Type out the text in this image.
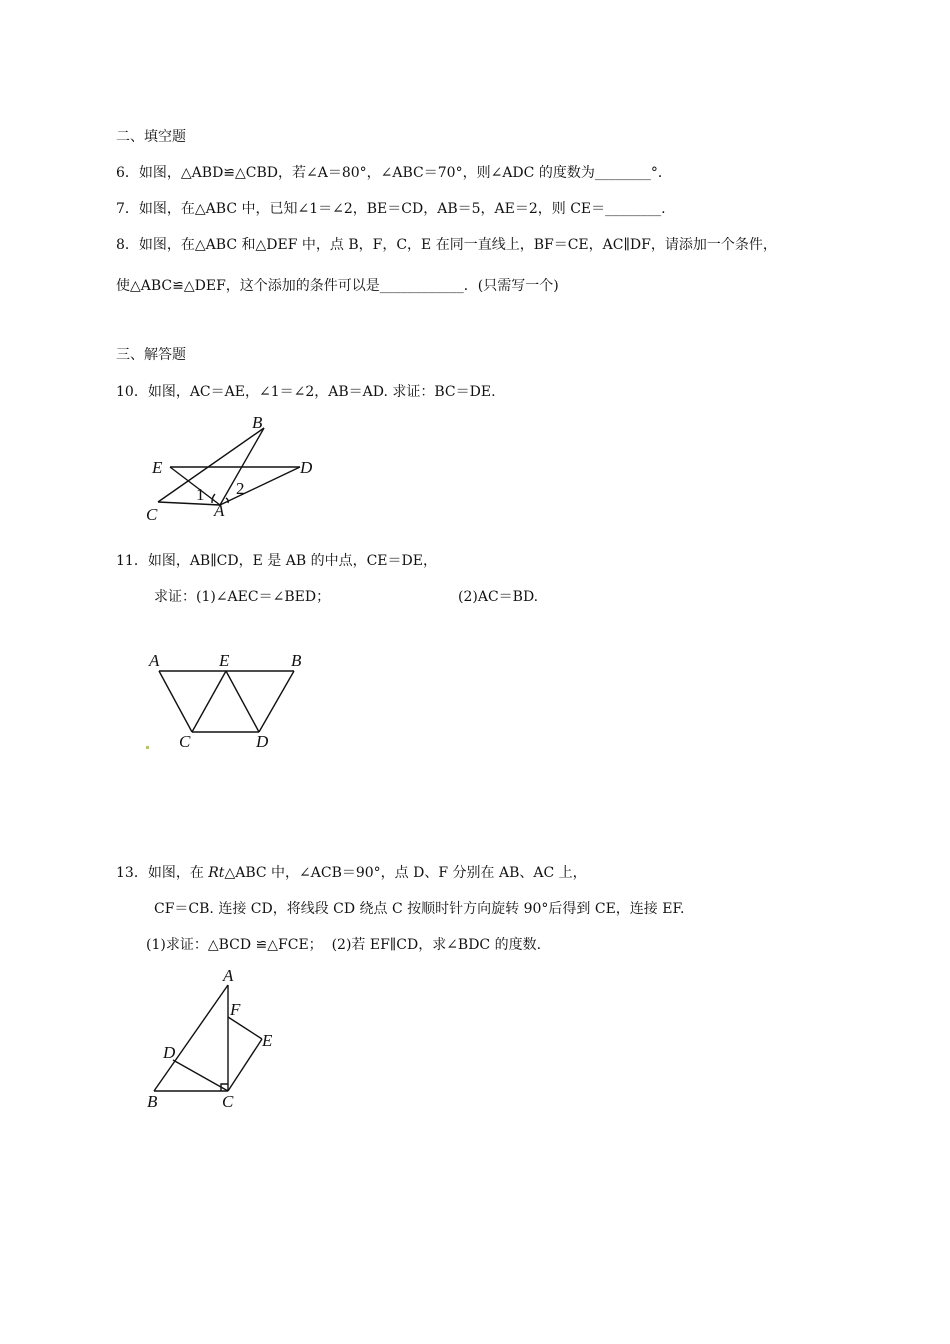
二、填空题
6．如图，△ABD≌△CBD，若∠A＝80°，∠ABC＝70°，则∠ADC 的度数为________°．
7．如图，在△ABC 中，已知∠1＝∠2，BE＝CD，AB＝5，AE＝2，则 CE＝________.
8．如图，在△ABC 和△DEF 中，点 B，F，C，E 在同一直线上，BF＝CE，AC∥DF，请添加一个条件，
使△ABC≌△DEF，这个添加的条件可以是____________．(只需写一个)
三、解答题
10．如图，AC＝AE，∠1＝∠2，AB＝AD. 求证：BC＝DE.
B
E	D
C	A
1 2
11．如图，AB∥CD，E 是 AB 的中点，CE＝DE，
求证：(1)∠AEC＝∠BED；	(2)AC＝BD.
A	E	B
C	D
13．如图，在 Rt△ABC 中，∠ACB＝90°，点 D、F 分别在 AB、AC 上，
CF＝CB. 连接 CD，将线段 CD 绕点 C 按顺时针方向旋转 90°后得到 CE，连接 EF.
(1)求证：△BCD ≌△FCE；  (2)若 EF∥CD，求∠BDC 的度数.
A
F
E
D
B	C
